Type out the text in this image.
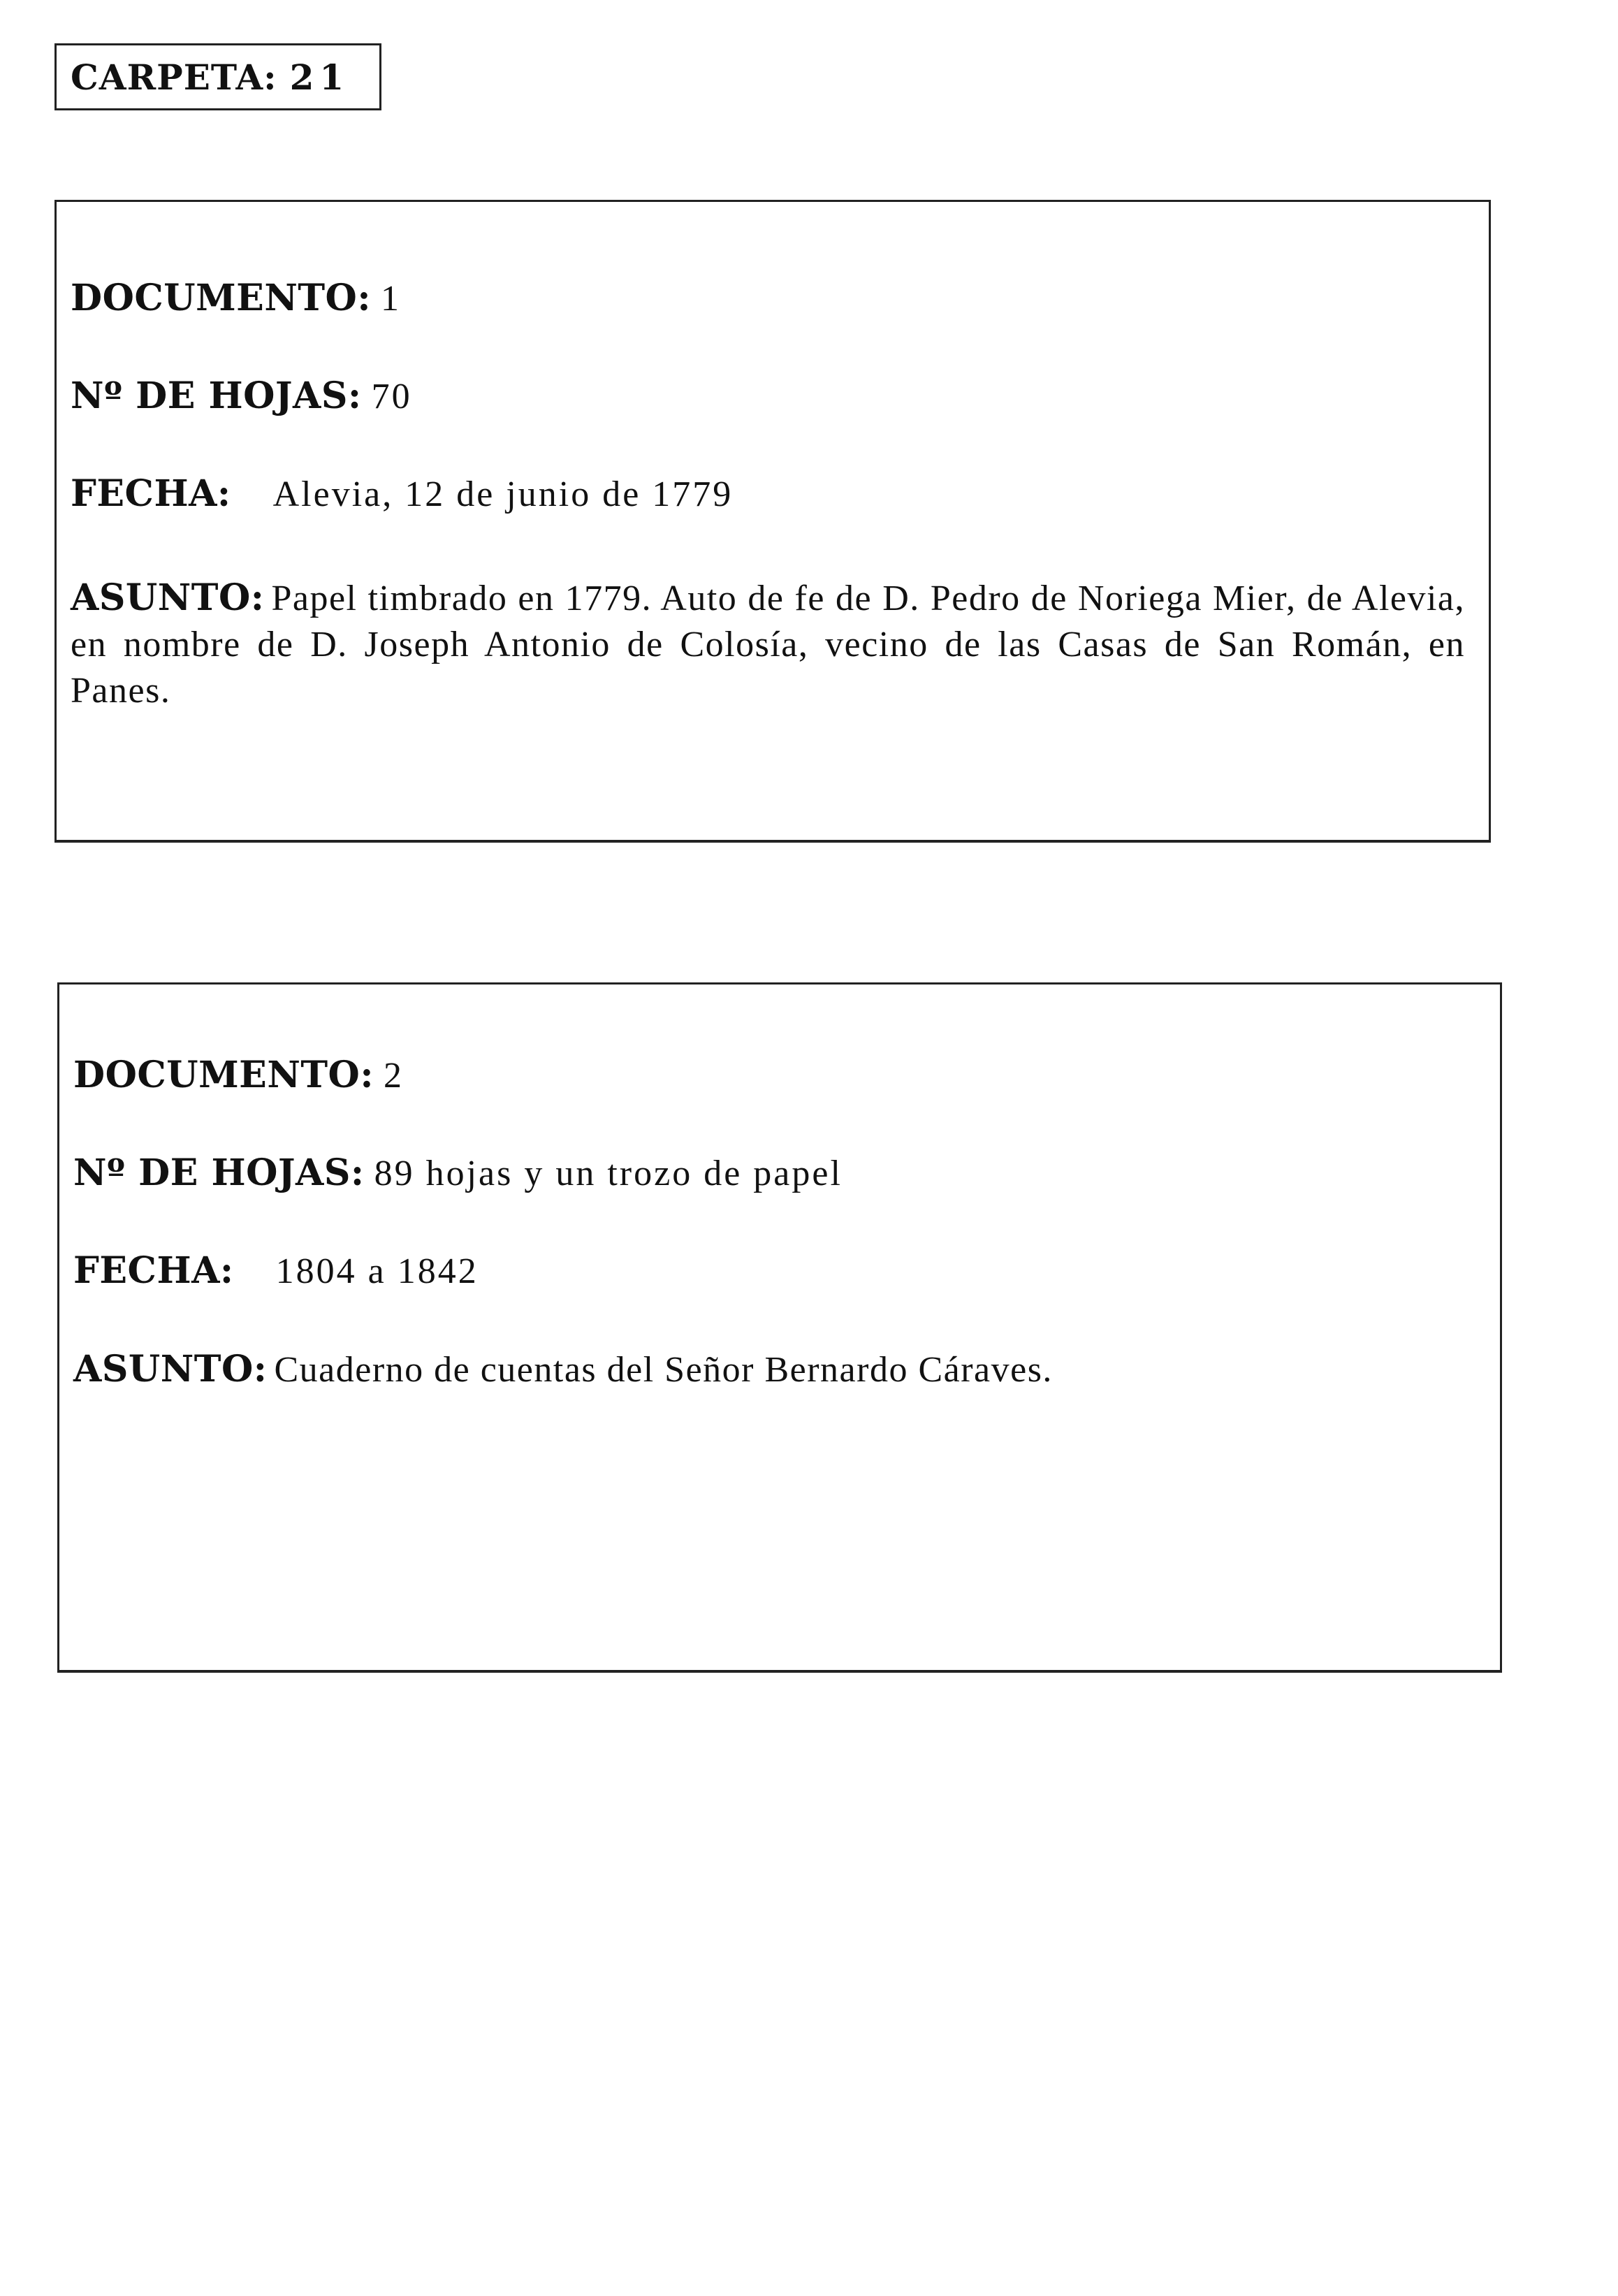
CARPETA: 21
DOCUMENTO: 1
Nº DE HOJAS: 70
FECHA: Alevia, 12 de junio de 1779
ASUNTO: Papel timbrado en 1779. Auto de fe de D. Pedro de Noriega Mier, de Alevia, en nombre de D. Joseph Antonio de Colosía, vecino de las Casas de San Román, en Panes.
DOCUMENTO: 2
Nº DE HOJAS: 89 hojas y un trozo de papel
FECHA: 1804 a 1842
ASUNTO: Cuaderno de cuentas del Señor Bernardo Cáraves.
